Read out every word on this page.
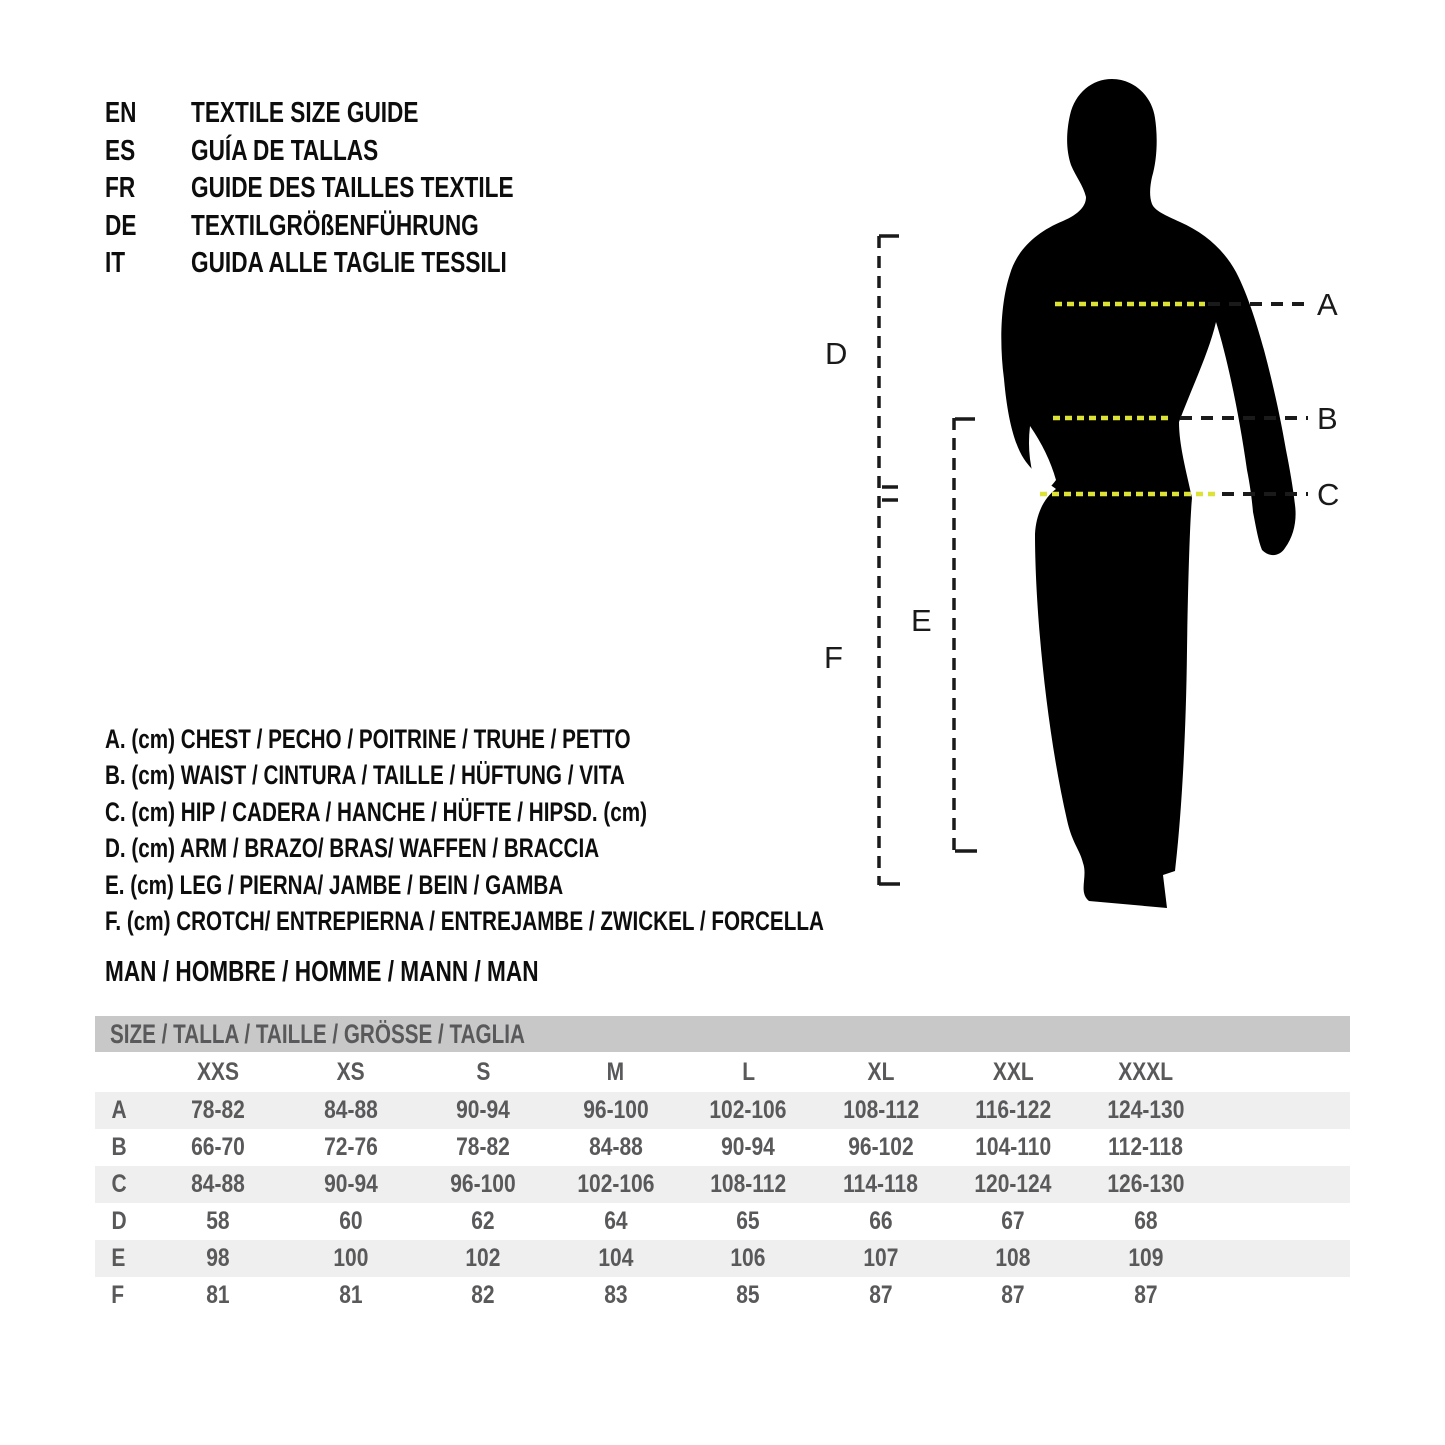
EN TEXTILE SIZE GUIDE
ES GUÍA DE TALLAS
FR GUIDE DES TAILLES TEXTILE
DE TEXTILGRÖßENFÜHRUNG
IT GUIDA ALLE TAGLIE TESSILI
A
B
C
D
F
E
A. (cm) CHEST / PECHO / POITRINE / TRUHE / PETTO
B. (cm) WAIST / CINTURA / TAILLE / HÜFTUNG / VITA
C. (cm) HIP / CADERA / HANCHE / HÜFTE / HIPSD. (cm)
D. (cm) ARM / BRAZO/ BRAS/ WAFFEN / BRACCIA
E. (cm) LEG / PIERNA/ JAMBE / BEIN / GAMBA
F. (cm) CROTCH/ ENTREPIERNA / ENTREJAMBE / ZWICKEL / FORCELLA
MAN / HOMBRE / HOMME / MANN / MAN
SIZE / TALLA / TAILLE / GRÖSSE / TAGLIA
XXS	XS	S	M	L	XL	XXL	XXXL
A	78-82	84-88	90-94	96-100	102-106	108-112	116-122	124-130
B	66-70	72-76	78-82	84-88	90-94	96-102	104-110	112-118
C	84-88	90-94	96-100	102-106	108-112	114-118	120-124	126-130
D	58	60	62	64	65	66	67	68
E	98	100	102	104	106	107	108	109
F	81	81	82	83	85	87	87	87
